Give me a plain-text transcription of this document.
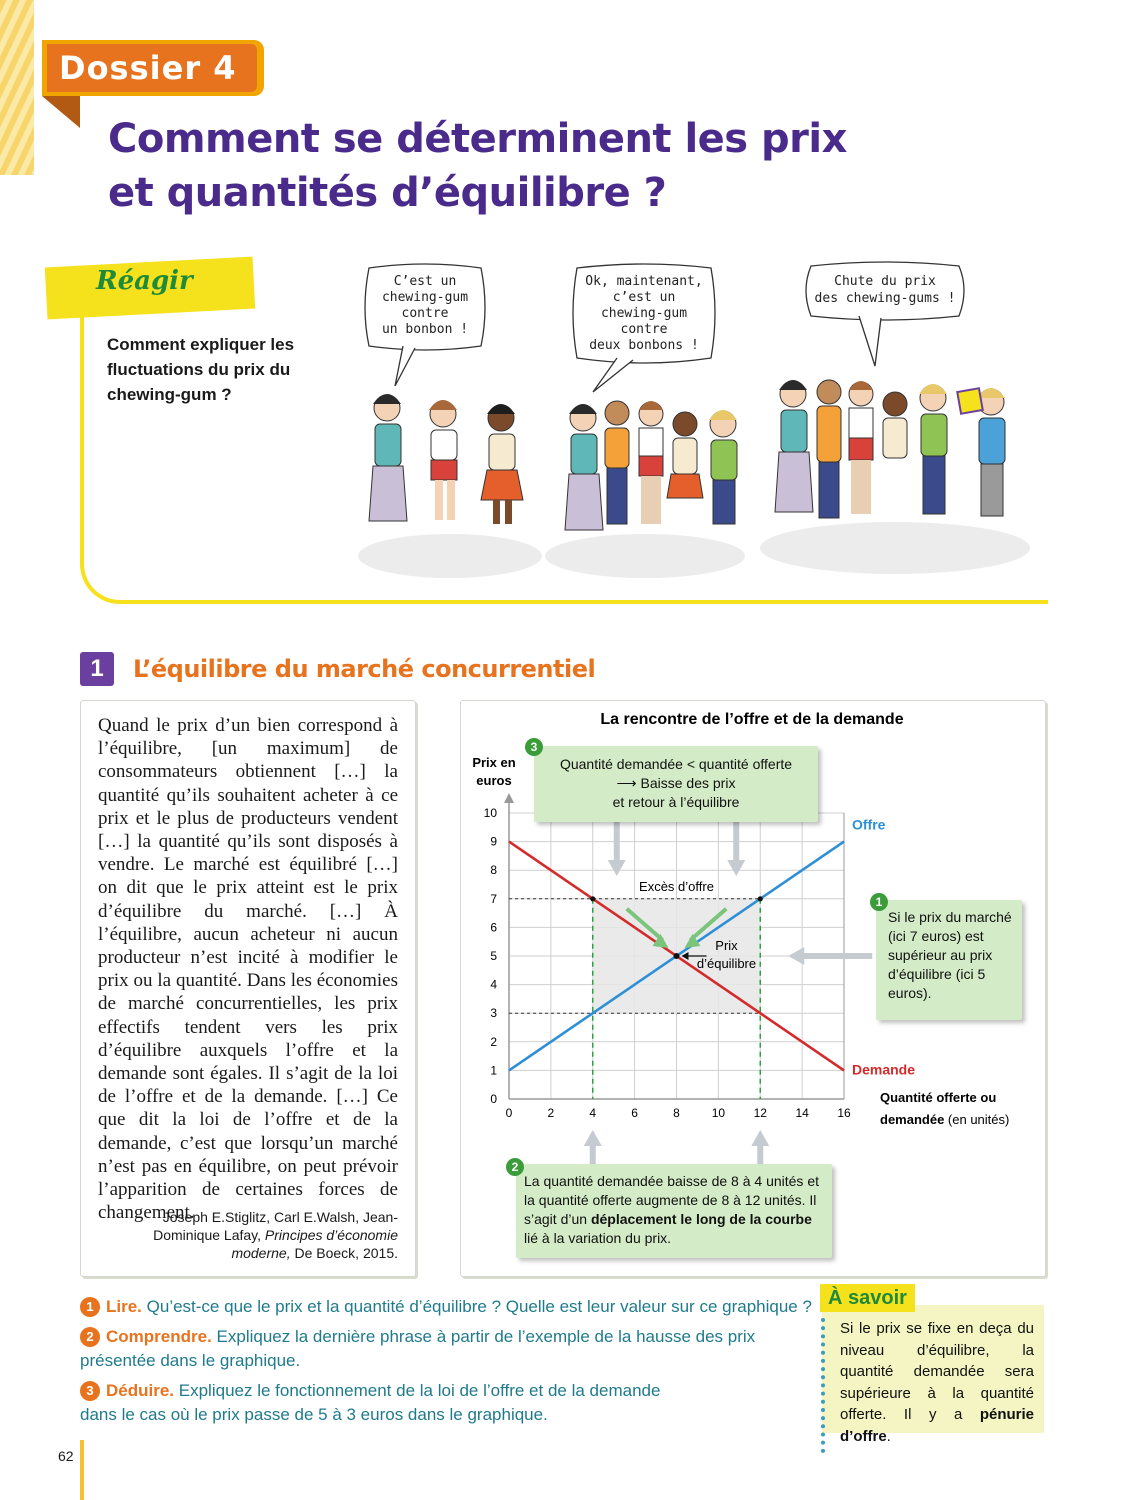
Dossier 4
Comment se déterminent les prix
et quantités d’équilibre ?
Réagir
Comment expliquer les fluctuations du prix du chewing-gum ?
C’est un
chewing-gum
contre
un bonbon !
Ok, maintenant,
c’est un
chewing-gum
contre
deux bonbons !
Chute du prix
des chewing-gums !
1	L’équilibre du marché concurrentiel
Quand le prix d’un bien correspond à l’équilibre, [un maximum] de consommateurs obtiennent […] la quantité qu’ils souhaitent acheter à ce prix et le plus de producteurs vendent […] la quantité qu’ils sont disposés à vendre. Le marché est équilibré […] on dit que le prix atteint est le prix d’équilibre du marché. […] À l’équilibre, aucun acheteur ni aucun producteur n’est incité à modifier le prix ou la quantité. Dans les économies de marché concurrentielles, les prix effectifs tendent vers les prix d’équilibre auxquels l’offre et la demande sont égales. Il s’agit de la loi de l’offre et de la demande. […] Ce que dit la loi de l’offre et de la demande, c’est que lorsqu’un marché n’est pas en équilibre, on peut prévoir l’apparition de certaines forces de changement.
Joseph E.Stiglitz, Carl E.Walsh, Jean-Dominique Lafay, Principes d’économie moderne, De Boeck, 2015.
La rencontre de l’offre et de la demande
Prix en
euros
0
1
2
3
4
5
6
7
8
9
10
0	2	4	6	8	10 12 14 16
Offre
Demande
Prix
d’équilibre
Excès d’offre
Quantité offerte ou
demandée (en unités)
Quantité demandée < quantité offerte
⟶ Baisse des prix
et retour à l’équilibre
3
Si le prix du marché (ici 7 euros) est supérieur au prix d’équilibre (ici 5 euros).
1
La quantité demandée baisse de 8 à 4 unités et la quantité offerte augmente de 8 à 12 unités. Il s’agit d’un déplacement le long de la courbe lié à la variation du prix.
2
1 Lire. Qu’est-ce que le prix et la quantité d’équilibre ? Quelle est leur valeur sur ce graphique ?
2 Comprendre. Expliquez la dernière phrase à partir de l’exemple de la hausse des prix présentée dans le graphique.
3 Déduire. Expliquez le fonctionnement de la loi de l’offre et de la demande dans le cas où le prix passe de 5 à 3 euros dans le graphique.
À savoir
Si le prix se fixe en deça du niveau d’équilibre, la quantité demandée sera supérieure à la quantité offerte. Il y a pénurie d’offre.
62
